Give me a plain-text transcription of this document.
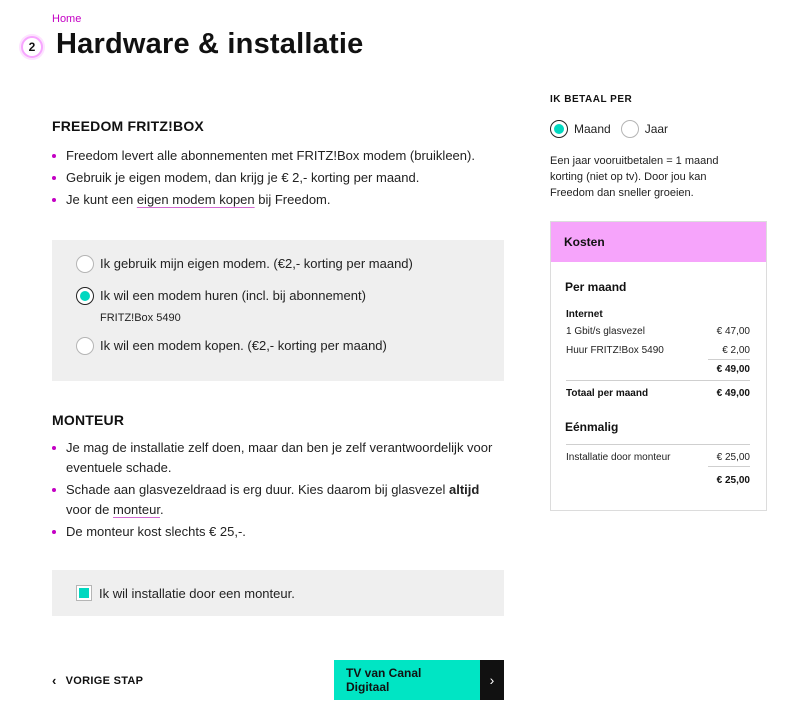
Home
2 Hardware & installatie
FREEDOM FRITZ!BOX
Freedom levert alle abonnementen met FRITZ!Box modem (bruikleen).
Gebruik je eigen modem, dan krijg je € 2,- korting per maand.
Je kunt een eigen modem kopen bij Freedom.
Ik gebruik mijn eigen modem. (€2,- korting per maand)
Ik wil een modem huren (incl. bij abonnement)
FRITZ!Box 5490
Ik wil een modem kopen. (€2,- korting per maand)
MONTEUR
Je mag de installatie zelf doen, maar dan ben je zelf verantwoordelijk voor eventuele schade.
Schade aan glasvezeldraad is erg duur. Kies daarom bij glasvezel altijd voor de monteur.
De monteur kost slechts € 25,-.
Ik wil installatie door een monteur.
‹ VORIGE STAP
TV van Canal Digitaal	›
IK BETAAL PER
Maand	Jaar
Een jaar vooruitbetalen = 1 maand korting (niet op tv). Door jou kan Freedom dan sneller groeien.
Kosten
Per maand
Internet
1 Gbit/s glasvezel	€ 47,00
Huur FRITZ!Box 5490	€ 2,00
€ 49,00
Totaal per maand	€ 49,00
Eénmalig
Installatie door monteur	€ 25,00
€ 25,00
